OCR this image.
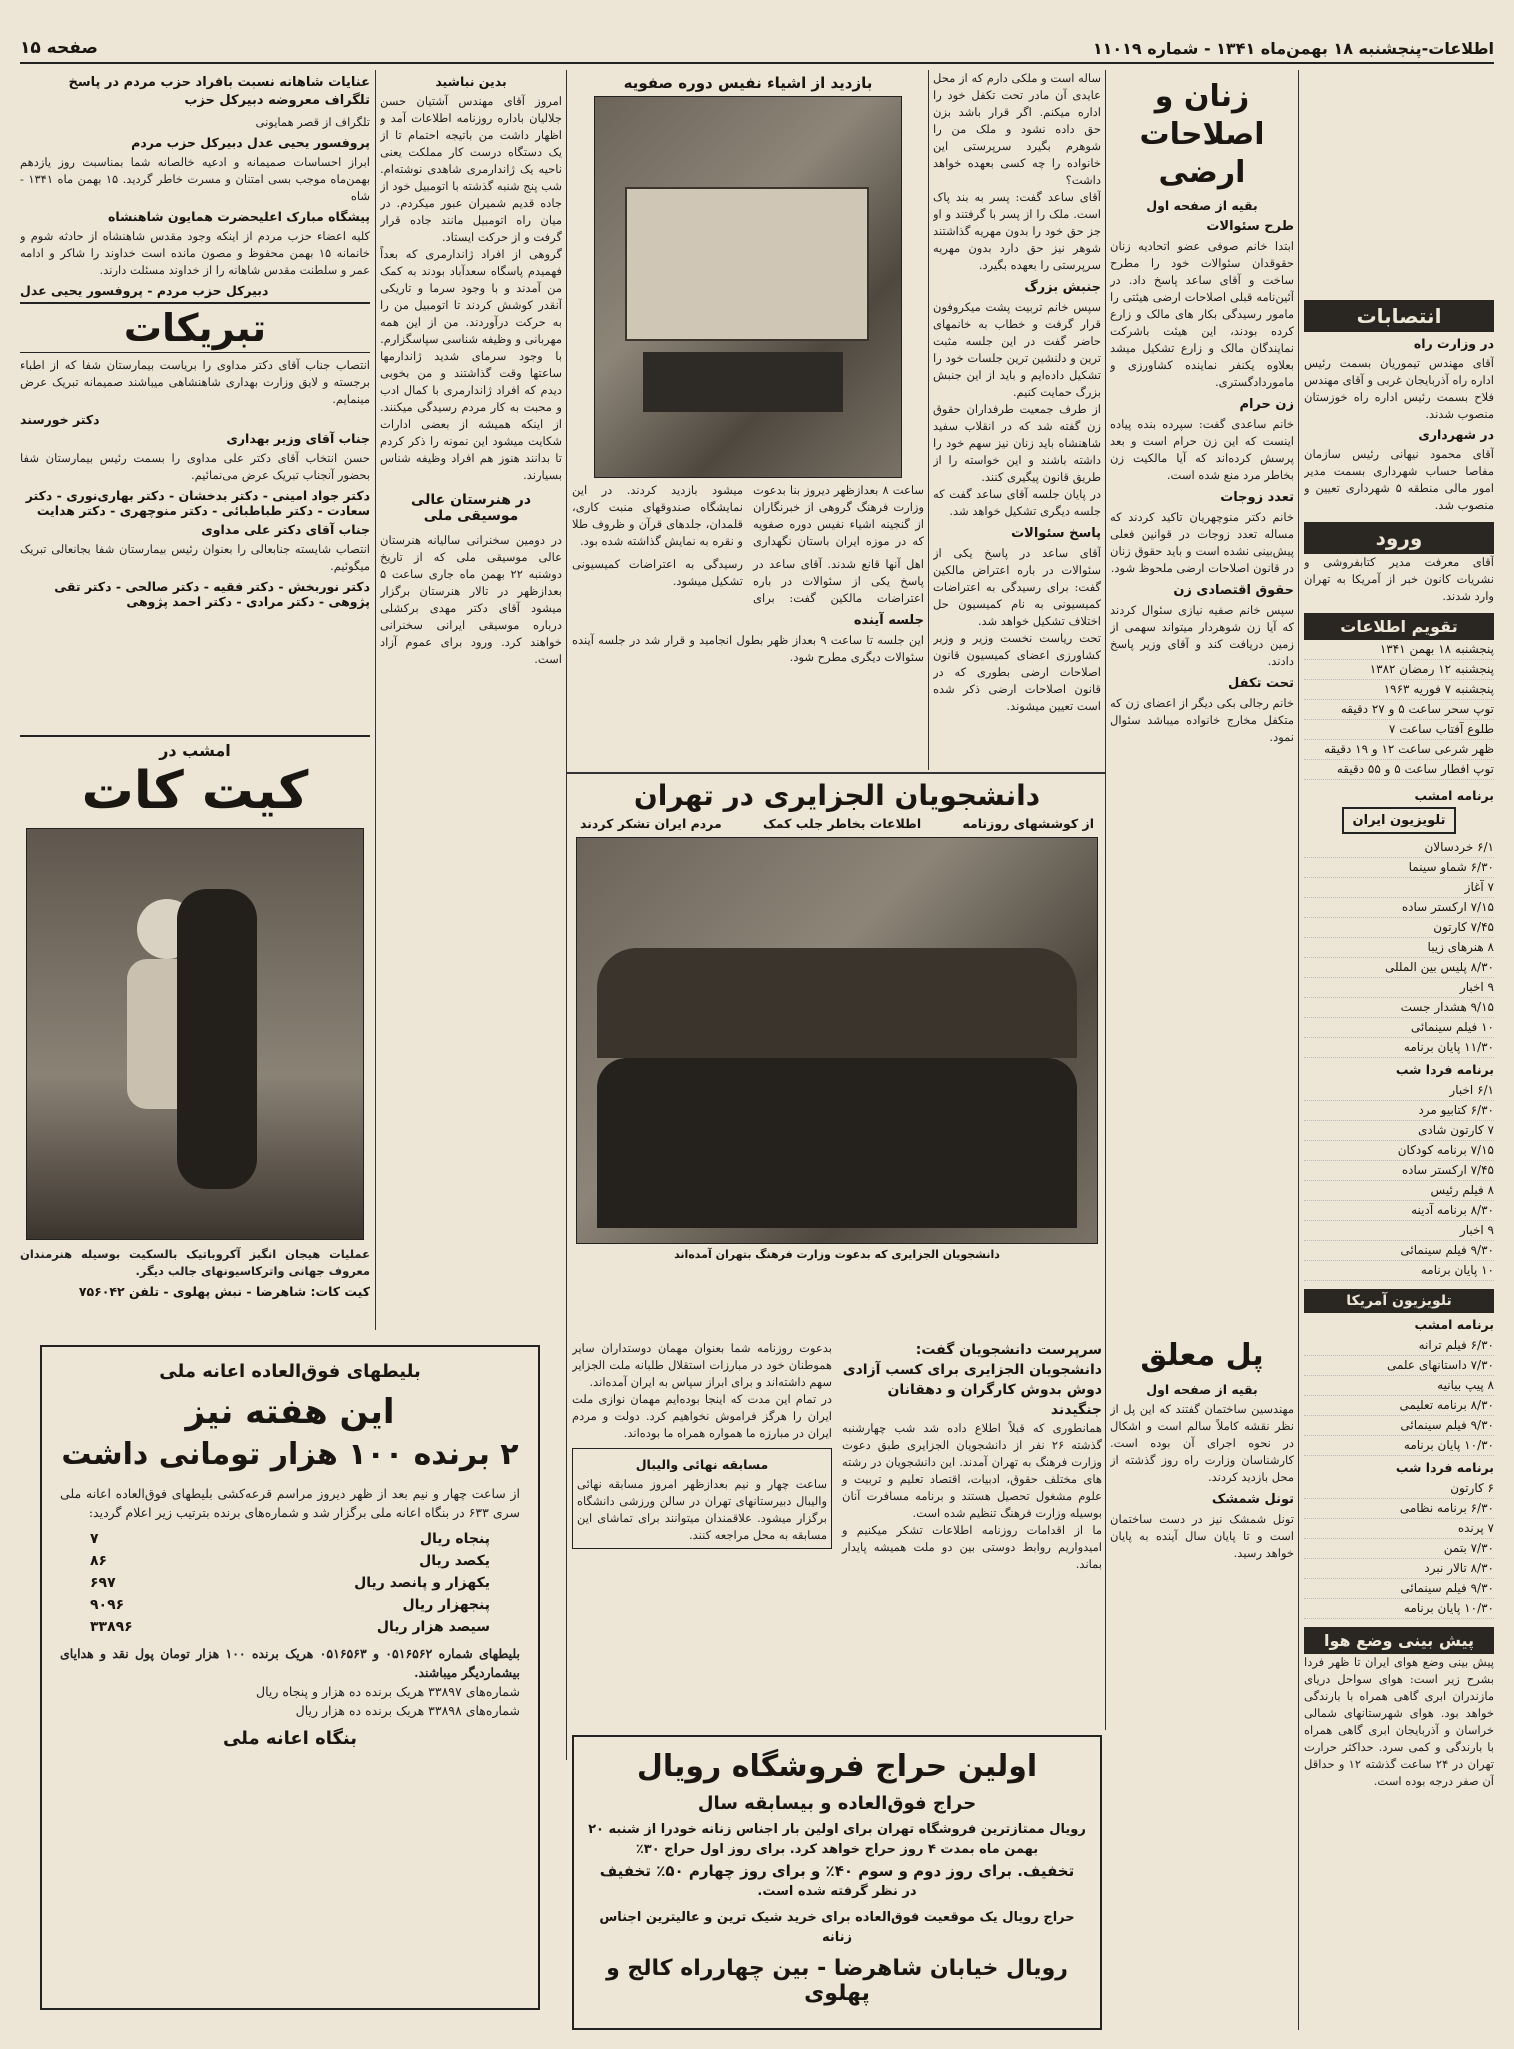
اطلاعات-پنجشنبه ۱۸ بهمن‌ماه ۱۳۴۱ - شماره ۱۱۰۱۹
صفحه ۱۵
زنان و اصلاحات ارضی
بقیه از صفحه اول
طرح سئوالات
ابتدا خانم صوفی عضو اتحادیه زنان حقوقدان سئوالات خود را مطرح ساخت و آقای ساعد پاسخ داد. در آئین‌نامه قبلی اصلاحات ارضی هیئتی را مامور رسیدگی بکار های مالک و زارع کرده بودند، این هیئت باشرکت نمایندگان مالک و زارع تشکیل میشد بعلاوه یکنفر نماینده کشاورزی و ماموردادگستری.
زن حرام
خانم ساعدی گفت: سپرده بنده پیاده اینست که این زن حرام است و بعد پرسش کرده‌اند که آیا مالکیت زن بخاطر مرد منع شده است.
تعدد زوجات
خانم دکتر منوچهریان تاکید کردند که مساله تعدد زوجات در قوانین فعلی پیش‌بینی نشده است و باید حقوق زنان در قانون اصلاحات ارضی ملحوظ شود.
حقوق اقتصادی زن
سپس خانم صفیه نیازی سئوال کردند که آیا زن شوهردار میتواند سهمی از زمین دریافت کند و آقای وزیر پاسخ دادند.
تحت تکفل
خانم رجالی بکی دیگر از اعضای زن که متکفل مخارج خانواده میباشد سئوال نمود.
پل معلق
بقیه از صفحه اول
مهندسین ساختمان گفتند که این پل از نظر نقشه کاملاً سالم است و اشکال در نحوه اجرای آن بوده است. کارشناسان وزارت راه روز گذشته از محل بازدید کردند.
تونل شمشک
تونل شمشک نیز در دست ساختمان است و تا پایان سال آینده به پایان خواهد رسید.
انتصابات
در وزارت راه
آقای مهندس تیموریان بسمت رئیس اداره راه آذربایجان غربی و آقای مهندس فلاح بسمت رئیس اداره راه خوزستان منصوب شدند.
در شهرداری
آقای محمود نیهانی رئیس سازمان مفاصا حساب شهرداری بسمت مدیر امور مالی منطقه ۵ شهرداری تعیین و منصوب شد.
ورود
آقای معرفت مدیر کتابفروشی و نشریات کانون خبر از آمریکا به تهران وارد شدند.
تقویم اطلاعات
پنجشنبه ۱۸ بهمن ۱۳۴۱
پنجشنبه ۱۲ رمضان ۱۳۸۲
پنجشنبه ۷ فوریه ۱۹۶۳
توپ سحر ساعت ۵ و ۲۷ دقیقه
طلوع آفتاب ساعت ۷
ظهر شرعی ساعت ۱۲ و ۱۹ دقیقه
توپ افطار ساعت ۵ و ۵۵ دقیقه
برنامه امشب
تلویزیون ایران
۶/۱ خردسالان
۶/۳۰ شماو سینما
۷ آغاز
۷/۱۵ ارکستر ساده
۷/۴۵ کارتون
۸ هنرهای زیبا
۸/۳۰ پلیس بین المللی
۹ اخبار
۹/۱۵ هشدار جست
۱۰ فیلم سینمائی
۱۱/۳۰ پایان برنامه
برنامه فردا شب
۶/۱ اخبار
۶/۳۰ کتابیو مرد
۷ کارتون شادی
۷/۱۵ برنامه کودکان
۷/۴۵ ارکستر ساده
۸ فیلم رئیس
۸/۳۰ برنامه آدینه
۹ اخبار
۹/۳۰ فیلم سینمائی
۱۰ پایان برنامه
تلویزیون آمریکا
برنامه امشب
۶/۳۰ فیلم ترانه
۷/۳۰ داستانهای علمی
۸ پیپ بیانیه
۸/۳۰ برنامه تعلیمی
۹/۳۰ فیلم سینمائی
۱۰/۳۰ پایان برنامه
برنامه فردا شب
۶ کارتون
۶/۳۰ برنامه نظامی
۷ پرنده
۷/۳۰ بتمن
۸/۳۰ تالار نبرد
۹/۳۰ فیلم سینمائی
۱۰/۳۰ پایان برنامه
پیش بینی وضع هوا
پیش بینی وضع هوای ایران تا ظهر فردا بشرح زیر است: هوای سواحل دریای مازندران ابری گاهی همراه با بارندگی خواهد بود. هوای شهرستانهای شمالی خراسان و آذربایجان ابری گاهی همراه با بارندگی و کمی سرد. حداکثر حرارت تهران در ۲۴ ساعت گذشته ۱۲ و حداقل آن صفر درجه بوده است.
ساله است و ملکی دارم که از محل عایدی آن مادر تحت تکفل خود را اداره میکنم. اگر قرار باشد بزن حق داده نشود و ملک من را شوهرم بگیرد سرپرستی این خانواده را چه کسی بعهده خواهد داشت؟
آقای ساعد گفت: پسر به بند پاک است. ملک را از پسر با گرفتند و او جز حق خود را بدون مهریه گذاشتند شوهر نیز حق دارد بدون مهریه سرپرستی را بعهده بگیرد.
جنبش بزرگ
سپس خانم تربیت پشت میکروفون قرار گرفت و خطاب به خانمهای حاضر گفت در این جلسه مثبت ترین و دلنشین ترین جلسات خود را تشکیل داده‌ایم و باید از این جنبش بزرگ حمایت کنیم.
از طرف جمعیت طرفداران حقوق زن گفته شد که در انقلاب سفید شاهنشاه باید زنان نیز سهم خود را داشته باشند و این خواسته را از طریق قانون پیگیری کنند.
در پایان جلسه آقای ساعد گفت که جلسه دیگری تشکیل خواهد شد.
پاسخ سئوالات
آقای ساعد در پاسخ یکی از سئوالات در باره اعتراض مالکین گفت: برای رسیدگی به اعتراضات کمیسیونی به نام کمیسیون حل اختلاف تشکیل خواهد شد.
تحت ریاست نخست وزیر و وزیر کشاورزی اعضای کمیسیون قانون اصلاحات ارضی بطوری که در قانون اصلاحات ارضی ذکر شده است تعیین میشوند.
بازدید از اشیاء نفیس دوره صفویه
ساعت ۸ بعدازظهر دیروز بنا بدعوت وزارت فرهنگ گروهی از خبرنگاران از گنجینه اشیاء نفیس دوره صفویه که در موزه ایران باستان نگهداری میشود بازدید کردند. در این نمایشگاه صندوقهای منبت کاری، قلمدان، جلدهای قرآن و ظروف طلا و نقره به نمایش گذاشته شده بود.
اهل آنها قانع شدند. آقای ساعد در پاسخ یکی از سئوالات در باره اعتراضات مالکین گفت: برای رسیدگی به اعتراضات کمیسیونی تشکیل میشود.
جلسه آینده
این جلسه تا ساعت ۹ بعداز ظهر بطول انجامید و قرار شد در جلسه آینده سئوالات دیگری مطرح شود.
دانشجویان الجزایری در تهران
از کوششهای روزنامه
اطلاعات بخاطر جلب کمک
مردم ایران تشکر کردند
دانشجویان الجزایری که بدعوت وزارت فرهنگ بتهران آمده‌اند
سرپرست دانشجویان گفت: دانشجویان الجزایری برای کسب آزادی دوش بدوش کارگران و دهقانان جنگیدند
همانطوری که قبلاً اطلاع داده شد شب چهارشنبه گذشته ۲۶ نفر از دانشجویان الجزایری طبق دعوت وزارت فرهنگ به تهران آمدند. این دانشجویان در رشته های مختلف حقوق، ادبیات، اقتصاد تعلیم و تربیت و علوم مشغول تحصیل هستند و برنامه مسافرت آنان بوسیله وزارت فرهنگ تنظیم شده است.
ما از اقدامات روزنامه اطلاعات تشکر میکنیم و امیدواریم روابط دوستی بین دو ملت همیشه پایدار بماند.
بدعوت روزنامه شما بعنوان مهمان دوستداران سایر هموطنان خود در مبارزات استقلال طلبانه ملت الجزایر سهم داشته‌اند و برای ابراز سپاس به ایران آمده‌اند.
در تمام این مدت که اینجا بوده‌ایم مهمان نوازی ملت ایران را هرگز فراموش نخواهیم کرد. دولت و مردم ایران در مبارزه ما همواره همراه ما بوده‌اند.
مسابقه نهائی والیبال
ساعت چهار و نیم بعدازظهر امروز مسابقه نهائی والیبال دبیرستانهای تهران در سالن ورزشی دانشگاه برگزار میشود. علاقمندان میتوانند برای تماشای این مسابقه به محل مراجعه کنند.
اولین حراج فروشگاه رویال
حراج فوق‌العاده و بیسابقه سال
رویال ممتازترین فروشگاه تهران برای اولین بار اجناس زنانه خودرا از شنبه ۲۰ بهمن ماه بمدت ۴ روز حراج خواهد کرد. برای روز اول حراج ۳۰٪
تخفیف. برای روز دوم و سوم ۴۰٪ و برای روز چهارم ۵۰٪ تخفیف
در نظر گرفته شده است.
حراج رویال یک موقعیت فوق‌العاده برای خرید شیک ترین و عالیترین اجناس زنانه
رویال خیابان شاهرضا - بین چهارراه کالج و پهلوی
بدین نباشید
امروز آقای مهندس آشتیان حسن جلالیان باداره روزنامه اطلاعات آمد و اظهار داشت من باتیجه احتمام تا از یک دستگاه درست کار مملکت یعنی ناحیه یک ژاندارمری شاهدی نوشته‌ام. شب پنج شنبه گذشته با اتومبیل خود از جاده قدیم شمیران عبور میکردم. در میان راه اتومبیل مانند جاده قرار گرفت و از حرکت ایستاد.
گروهی از افراد ژاندارمری که بعداً فهمیدم پاسگاه سعدآباد بودند به کمک من آمدند و با وجود سرما و تاریکی آنقدر کوشش کردند تا اتومبیل من را به حرکت درآوردند. من از این همه مهربانی و وظیفه شناسی سپاسگزارم.
با وجود سرمای شدید ژاندارمها ساعتها وقت گذاشتند و من بخوبی دیدم که افراد ژاندارمری با کمال ادب و محبت به کار مردم رسیدگی میکنند. از اینکه همیشه از بعضی ادارات شکایت میشود این نمونه را ذکر کردم تا بدانند هنوز هم افراد وظیفه شناس بسیارند.
در هنرستان عالی موسیقی ملی
در دومین سخنرانی سالیانه هنرستان عالی موسیقی ملی که از تاریخ دوشنبه ۲۲ بهمن ماه جاری ساعت ۵ بعدازظهر در تالار هنرستان برگزار میشود آقای دکتر مهدی برکشلی درباره موسیقی ایرانی سخنرانی خواهند کرد. ورود برای عموم آزاد است.
عنایات شاهانه نسبت بافراد حزب مردم در پاسخ تلگراف معروضه دبیرکل حزب
تلگراف از قصر همایونی
پروفسور یحیی عدل دبیرکل حزب مردم
ابراز احساسات صمیمانه و ادعیه خالصانه شما بمناسبت روز یازدهم بهمن‌ماه موجب بسی امتنان و مسرت خاطر گردید. ۱۵ بهمن ماه ۱۳۴۱ - شاه
پیشگاه مبارک اعلیحضرت همایون شاهنشاه
کلیه اعضاء حزب مردم از اینکه وجود مقدس شاهنشاه از حادثه شوم و خانمانه ۱۵ بهمن محفوظ و مصون مانده است خداوند را شاکر و ادامه عمر و سلطنت مقدس شاهانه را از خداوند مسئلت دارند.
دبیرکل حزب مردم - پروفسور یحیی عدل
تبریکات
انتصاب جناب آقای دکتر مداوی را بریاست بیمارستان شفا که از اطباء برجسته و لایق وزارت بهداری شاهنشاهی میباشند صمیمانه تبریک عرض مینمایم.
دکتر خورسند
جناب آقای وزیر بهداری
حسن انتخاب آقای دکتر علی مداوی را بسمت رئیس بیمارستان شفا بحضور آنجناب تبریک عرض می‌نمائیم.
دکتر جواد امینی - دکتر بدخشان - دکتر بهاری‌نوری - دکتر سعادت - دکتر طباطبائی - دکتر منوچهری - دکتر هدایت
جناب آقای دکتر علی مداوی
انتصاب شایسته جنابعالی را بعنوان رئیس بیمارستان شفا بجانعالی تبریک میگوئیم.
دکتر نوربخش - دکتر فقیه - دکتر صالحی - دکتر تقی پژوهی - دکتر مرادی - دکتر احمد پژوهی
امشب در
کیت کات
عملیات هیجان انگیز آکروباتیک بالسکیت بوسیله هنرمندان معروف جهانی واترکاسیونهای جالب دیگر.
کیت کات: شاهرضا - نبش پهلوی - تلفن ۷۵۶۰۴۲
بلیطهای فوق‌العاده اعانه ملی
این هفته نیز
۲ برنده ۱۰۰ هزار تومانی داشت
از ساعت چهار و نیم بعد از ظهر دیروز مراسم قرعه‌کشی بلیطهای فوق‌العاده اعانه ملی سری ۶۳۳ در بنگاه اعانه ملی برگزار شد و شماره‌های برنده بترتیب زیر اعلام گردید:
پنجاه ریال
۷
یکصد ریال
۸۶
یکهزار و پانصد ریال
۶۹۷
پنجهزار ریال
۹۰۹۶
سیصد هزار ریال
۳۳۸۹۶
بلیطهای شماره ۰۵۱۶۵۶۲ و ۰۵۱۶۵۶۳ هریک برنده ۱۰۰ هزار تومان پول نقد و هدایای بیشماردیگر میباشند.
شماره‌های ۳۳۸۹۷ هریک برنده ده هزار و پنجاه ریال
شماره‌های ۳۳۸۹۸ هریک برنده ده هزار ریال
بنگاه اعانه ملی
